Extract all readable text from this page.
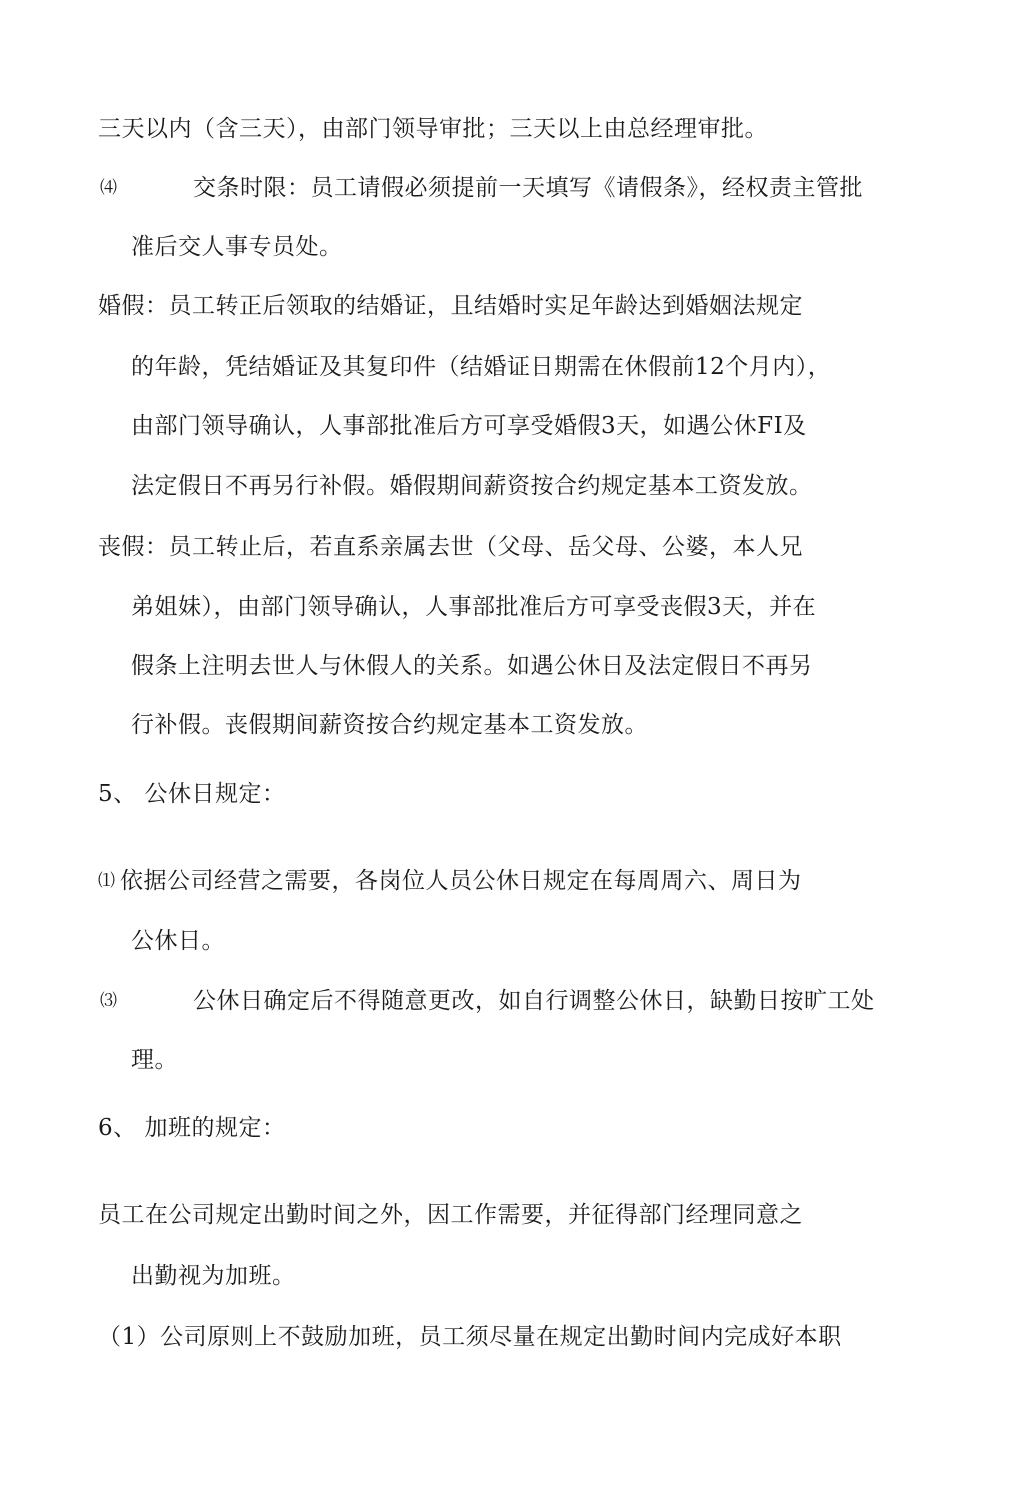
三天以内（含三天），由部门领导审批；三天以上由总经理审批。
⑷	交条时限：员工请假必须提前一天填写《请假条》，经权责主管批
准后交人事专员处。
婚假：员工转正后领取的结婚证，且结婚时实足年龄达到婚姻法规定
的年龄，凭结婚证及其复印件（结婚证日期需在休假前12个月内），
由部门领导确认，人事部批准后方可享受婚假3天，如遇公休FI及
法定假日不再另行补假。婚假期间薪资按合约规定基本工资发放。
丧假：员工转止后，若直系亲属去世（父母、岳父母、公婆，本人兄
弟姐妹），由部门领导确认，人事部批准后方可享受丧假3天，并在
假条上注明去世人与休假人的关系。如遇公休日及法定假日不再另
行补假。丧假期间薪资按合约规定基本工资发放。
5、 公休日规定：
⑴ 依据公司经营之需要，各岗位人员公休日规定在每周周六、周日为
公休日。
⑶	公休日确定后不得随意更改，如自行调整公休日，缺勤日按旷工处
理。
6、 加班的规定：
员工在公司规定出勤时间之外，因工作需要，并征得部门经理同意之
出勤视为加班。
（1）公司原则上不鼓励加班，员工须尽量在规定出勤时间内完成好本职
